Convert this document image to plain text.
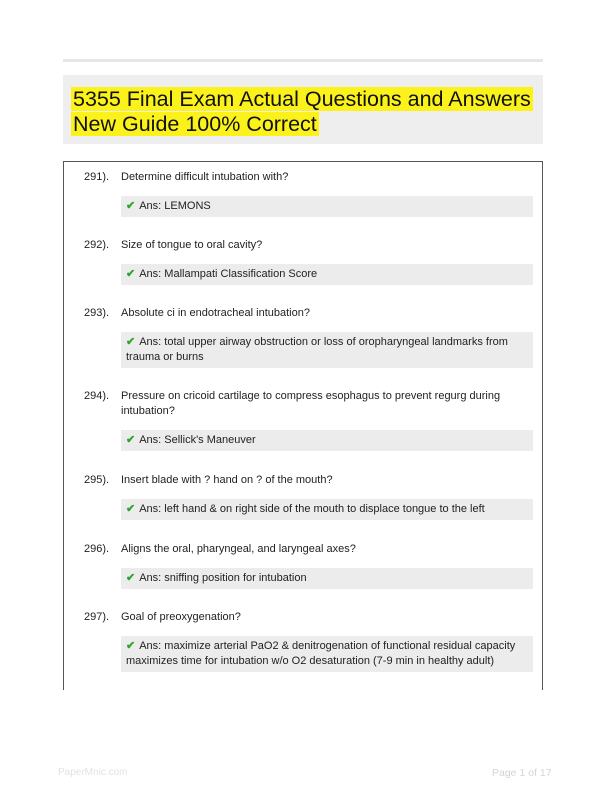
5355 Final Exam Actual Questions and Answers
New Guide 100% Correct
291). Determine difficult intubation with?
✔ Ans: LEMONS
292). Size of tongue to oral cavity?
✔ Ans: Mallampati Classification Score
293). Absolute ci in endotracheal intubation?
✔ Ans: total upper airway obstruction or loss of oropharyngeal landmarks from trauma or burns
294). Pressure on cricoid cartilage to compress esophagus to prevent regurg during intubation?
✔ Ans: Sellick's Maneuver
295). Insert blade with ? hand on ? of the mouth?
✔ Ans: left hand & on right side of the mouth to displace tongue to the left
296). Aligns the oral, pharyngeal, and laryngeal axes?
✔ Ans: sniffing position for intubation
297). Goal of preoxygenation?
✔ Ans: maximize arterial PaO2 & denitrogenation of functional residual capacity maximizes time for intubation w/o O2 desaturation (7-9 min in healthy adult)
PaperMnic.com	Page 1 of 17
